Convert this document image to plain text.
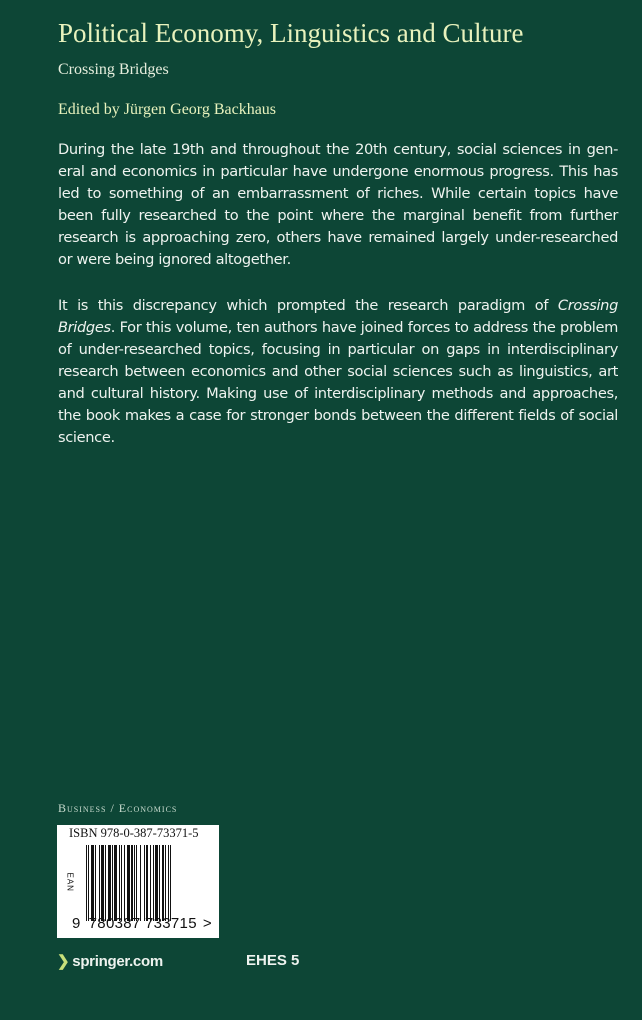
Political Economy, Linguistics and Culture
Crossing Bridges
Edited by Jürgen Georg Backhaus
During the late 19th and throughout the 20th century, social sciences in gen-eral and economics in particular have undergone enormous progress. This has led to something of an embarrassment of riches. While certain topics have been fully researched to the point where the marginal benefit from further research is approaching zero, others have remained largely under-researched or were being ignored altogether.
It is this discrepancy which prompted the research paradigm of Crossing Bridges. For this volume, ten authors have joined forces to address the problem of under-researched topics, focusing in particular on gaps in interdisciplinary research between economics and other social sciences such as linguistics, art and cultural history. Making use of interdisciplinary methods and approaches, the book makes a case for stronger bonds between the different fields of social science.
Business / Economics
ISBN 978-0-387-73371-5
EAN
9 780387 733715 >
❯ springer.com	EHES 5
